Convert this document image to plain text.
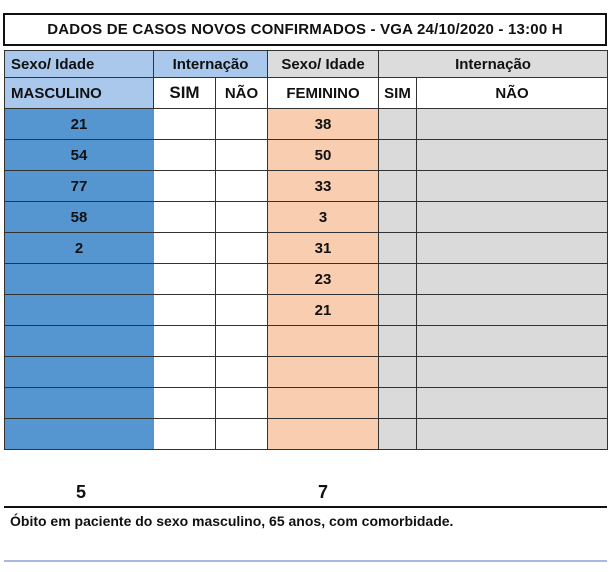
DADOS DE CASOS NOVOS CONFIRMADOS - VGA 24/10/2020 - 13:00 H
Sexo/ Idade	Internação		Sexo/ Idade	Internação	
MASCULINO	SIM	NÃO	FEMININO	SIM	NÃO
21			38		
54			50		
77			33		
58			3		
2			31		
			23		
			21		

5	7
Óbito em paciente do sexo masculino, 65 anos, com comorbidade.
